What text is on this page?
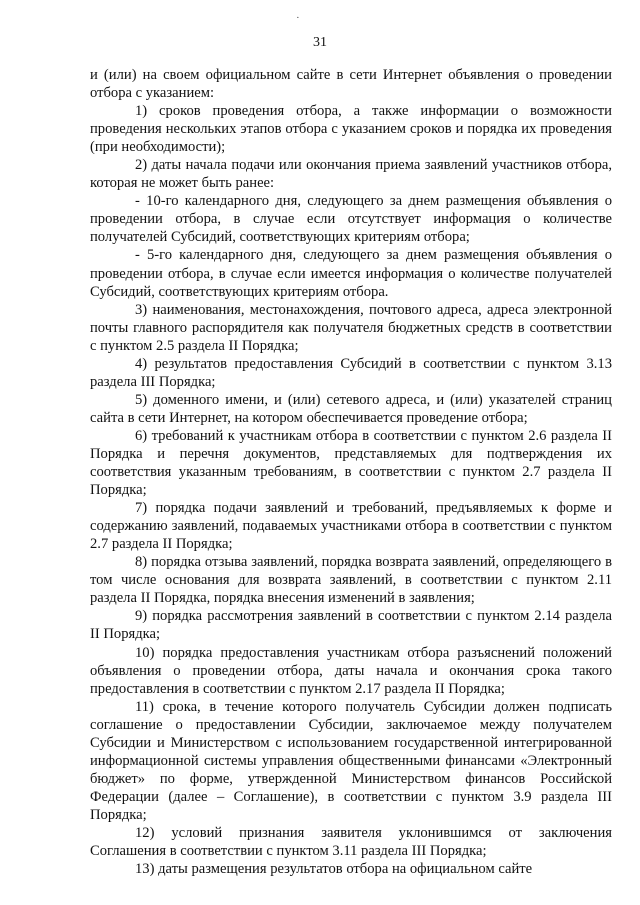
31
·

и (или) на своем официальном сайте в сети Интернет объявления о проведении отбора с указанием:

1) сроков проведения отбора, а также информации о возможности проведения нескольких этапов отбора с указанием сроков и порядка их проведения (при необходимости);

2) даты начала подачи или окончания приема заявлений участников отбора, которая не может быть ранее:

- 10-го календарного дня, следующего за днем размещения объявления о проведении отбора, в случае если отсутствует информация о количестве получателей Субсидий, соответствующих критериям отбора;

- 5-го календарного дня, следующего за днем размещения объявления о проведении отбора, в случае если имеется информация о количестве получателей Субсидий, соответствующих критериям отбора.

3) наименования, местонахождения, почтового адреса, адреса электронной почты главного распорядителя как получателя бюджетных средств в соответствии с пунктом 2.5 раздела II Порядка;

4) результатов предоставления Субсидий в соответствии с пунктом 3.13 раздела III Порядка;

5) доменного имени, и (или) сетевого адреса, и (или) указателей страниц сайта в сети Интернет, на котором обеспечивается проведение отбора;

6) требований к участникам отбора в соответствии с пунктом 2.6 раздела II Порядка и перечня документов, представляемых для подтверждения их соответствия указанным требованиям, в соответствии с пунктом 2.7 раздела II Порядка;

7) порядка подачи заявлений и требований, предъявляемых к форме и содержанию заявлений, подаваемых участниками отбора в соответствии с пунктом 2.7 раздела II Порядка;

8) порядка отзыва заявлений, порядка возврата заявлений, определяющего в том числе основания для возврата заявлений, в соответствии с пунктом 2.11 раздела II Порядка, порядка внесения изменений в заявления;

9) порядка рассмотрения заявлений в соответствии с пунктом 2.14 раздела II Порядка;

10) порядка предоставления участникам отбора разъяснений положений объявления о проведении отбора, даты начала и окончания срока такого предоставления в соответствии с пунктом 2.17 раздела II Порядка;

11) срока, в течение которого получатель Субсидии должен подписать соглашение о предоставлении Субсидии, заключаемое между получателем Субсидии и Министерством с использованием государственной интегрированной информационной системы управления общественными финансами «Электронный бюджет» по форме, утвержденной Министерством финансов Российской Федерации (далее – Соглашение), в соответствии с пунктом 3.9 раздела III Порядка;

12) условий признания заявителя уклонившимся от заключения Соглашения в соответствии с пунктом 3.11 раздела III Порядка;

13) даты размещения результатов отбора на официальном сайте
